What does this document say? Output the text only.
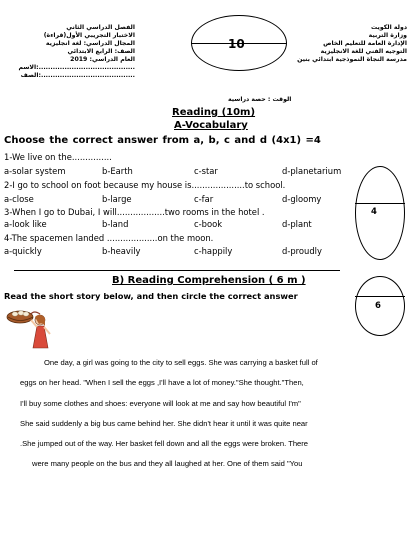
الفصل الدراسي الثاني
الاختبار التجريبي الأول(قراءة)
المجال الدراسي: لغة انجليزية
الصف: الرابع الابتدائي
العام الدراسي: 2019
الاسم:.........................................
الصف:........................................
10
دولة الكويت
وزارة التربية
الإدارة العامة للتعليم الخاص
التوجيه الفني للغة الانجليزية
مدرسة النجاة النموذجية ابتدائي بنين
الوقت : حصة دراسية
Reading (10m)
A-Vocabulary
Choose the correct answer from a, b, c and d (4x1) =4
1-We live on the...............
a-solar system	b-Earth	c-star	d-planetarium
2-I go to school on foot because my house is....................to school.
a-close	b-large	c-far	d-gloomy
3-When I go to Dubai, I will..................two rooms in the hotel .
a-look like	b-land	c-book	d-plant
4-The spacemen landed ...................on the moon.
a-quickly	b-heavily	c-happily	d-proudly
4
B) Reading Comprehension ( 6 m )
Read the short story below, and then circle the correct answer
6
One day, a girl was going to the city to sell eggs. She was carrying a basket full of
eggs on her head. "When I sell the eggs ,I'll have a lot of money."She thought."Then,
I'll buy some clothes and shoes: everyone will look at me and say how beautiful I'm"
She said suddenly a big bus came behind her. She didn't hear it until it was quite near
.She jumped out of the way. Her basket fell down and all the eggs were broken. There
were many people on the bus and they all laughed at her. One of them said "You
